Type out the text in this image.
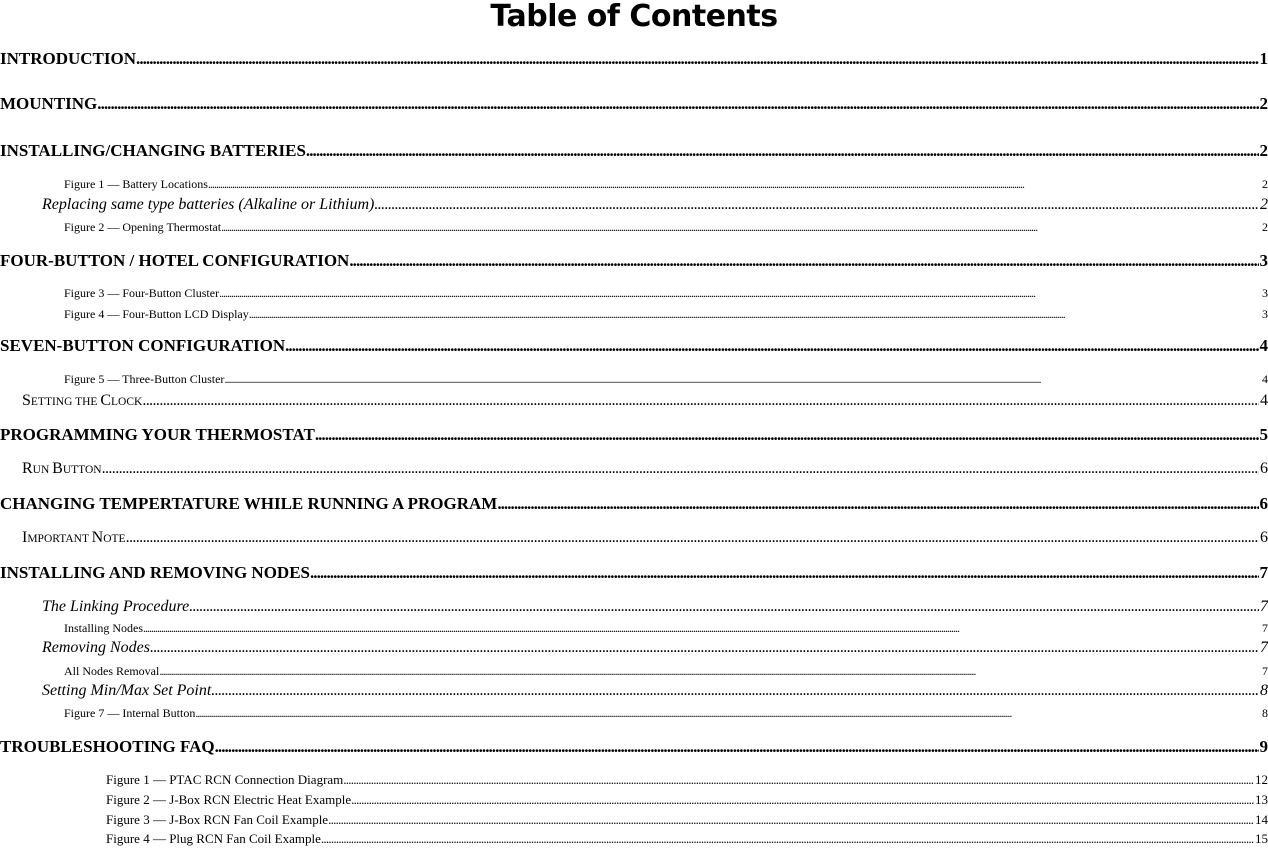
Table of Contents
INTRODUCTION . . .	1
MOUNTING . . .	2
INSTALLING/CHANGING BATTERIES . . .	2
Figure 1 — Battery Locations . . .	2
Replacing same type batteries (Alkaline or Lithium) . . .	2
Figure 2 — Opening Thermostat . . .	2
FOUR-BUTTON / HOTEL CONFIGURATION . . .	3
Figure 3 — Four-Button Cluster . . .	3
Figure 4 — Four-Button LCD Display . . .	3
SEVEN-BUTTON CONFIGURATION . . .	4
Figure 5 — Three-Button Cluster . . .	4
SETTING THE CLOCK . . .	4
PROGRAMMING YOUR THERMOSTAT . . .	5
RUN BUTTON . . .	6
CHANGING TEMPERTATURE WHILE RUNNING A PROGRAM . . .	6
IMPORTANT NOTE . . .	6
INSTALLING AND REMOVING NODES . . .	7
The Linking Procedure . . .	7
Installing Nodes . . .	7
Removing Nodes . . .	7
All Nodes Removal . . .	7
Setting Min/Max Set Point . . .	8
Figure 7 — Internal Button . . .	8
TROUBLESHOOTING FAQ . . .	9
Figure 1 — PTAC RCN Connection Diagram . . .	12
Figure 2 — J-Box RCN Electric Heat Example . . .	13
Figure 3 — J-Box RCN Fan Coil Example . . .	14
Figure 4 — Plug RCN Fan Coil Example . . .	15
